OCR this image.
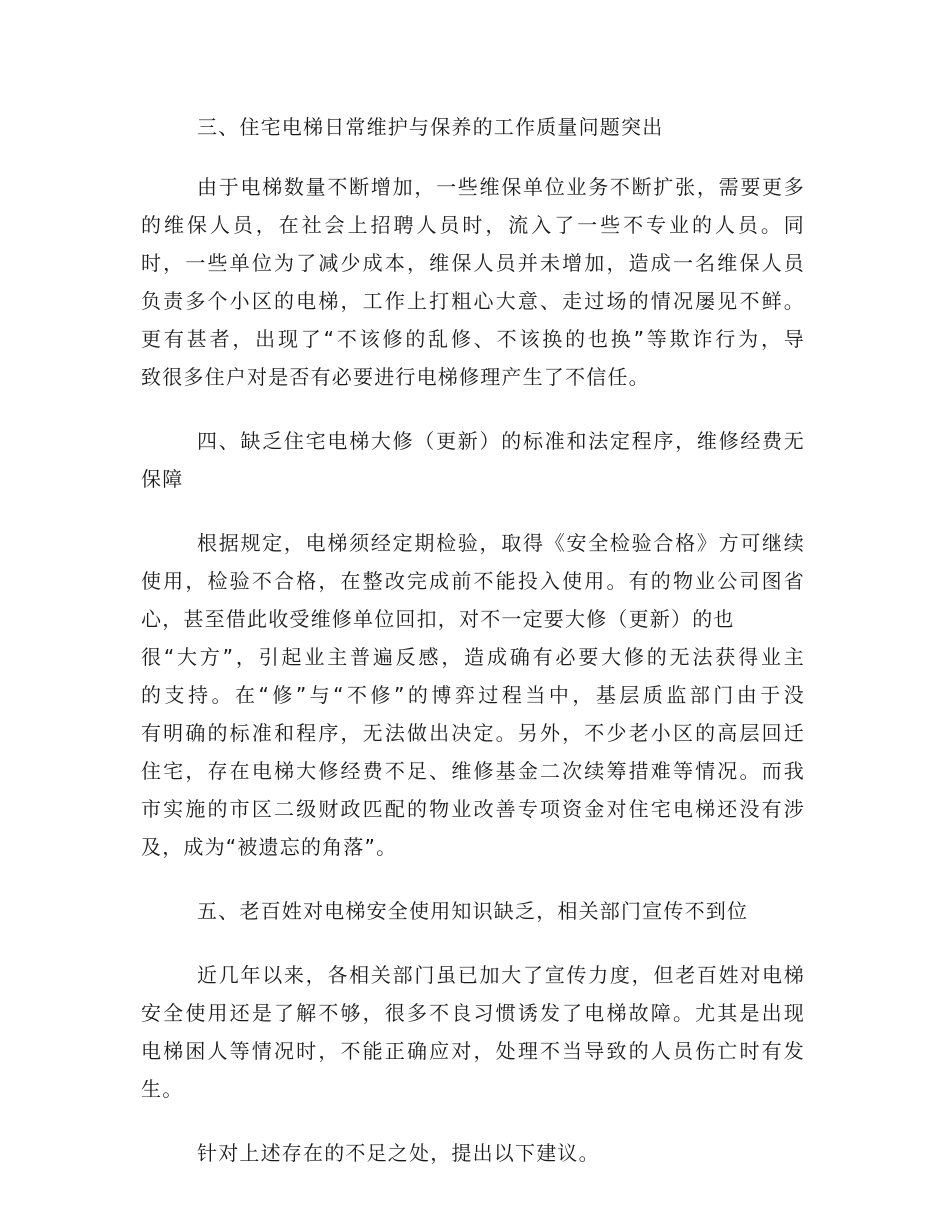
三、住宅电梯日常维护与保养的工作质量问题突出
由于电梯数量不断增加，一些维保单位业务不断扩张，需要更多
的维保人员，在社会上招聘人员时，流入了一些不专业的人员。同
时，一些单位为了减少成本，维保人员并未增加，造成一名维保人员
负责多个小区的电梯，工作上打粗心大意、走过场的情况屡见不鲜。
更有甚者，出现了“不该修的乱修、不该换的也换”等欺诈行为，导
致很多住户对是否有必要进行电梯修理产生了不信任。
四、缺乏住宅电梯大修（更新）的标准和法定程序，维修经费无
保障
根据规定，电梯须经定期检验，取得《安全检验合格》方可继续
使用，检验不合格，在整改完成前不能投入使用。有的物业公司图省
心，甚至借此收受维修单位回扣，对不一定要大修（更新）的也
很“大方”，引起业主普遍反感，造成确有必要大修的无法获得业主
的支持。在“修”与“不修”的博弈过程当中，基层质监部门由于没
有明确的标准和程序，无法做出决定。另外，不少老小区的高层回迁
住宅，存在电梯大修经费不足、维修基金二次续筹措难等情况。而我
市实施的市区二级财政匹配的物业改善专项资金对住宅电梯还没有涉
及，成为“被遗忘的角落”。
五、老百姓对电梯安全使用知识缺乏，相关部门宣传不到位
近几年以来，各相关部门虽已加大了宣传力度，但老百姓对电梯
安全使用还是了解不够，很多不良习惯诱发了电梯故障。尤其是出现
电梯困人等情况时，不能正确应对，处理不当导致的人员伤亡时有发
生。
针对上述存在的不足之处，提出以下建议。
